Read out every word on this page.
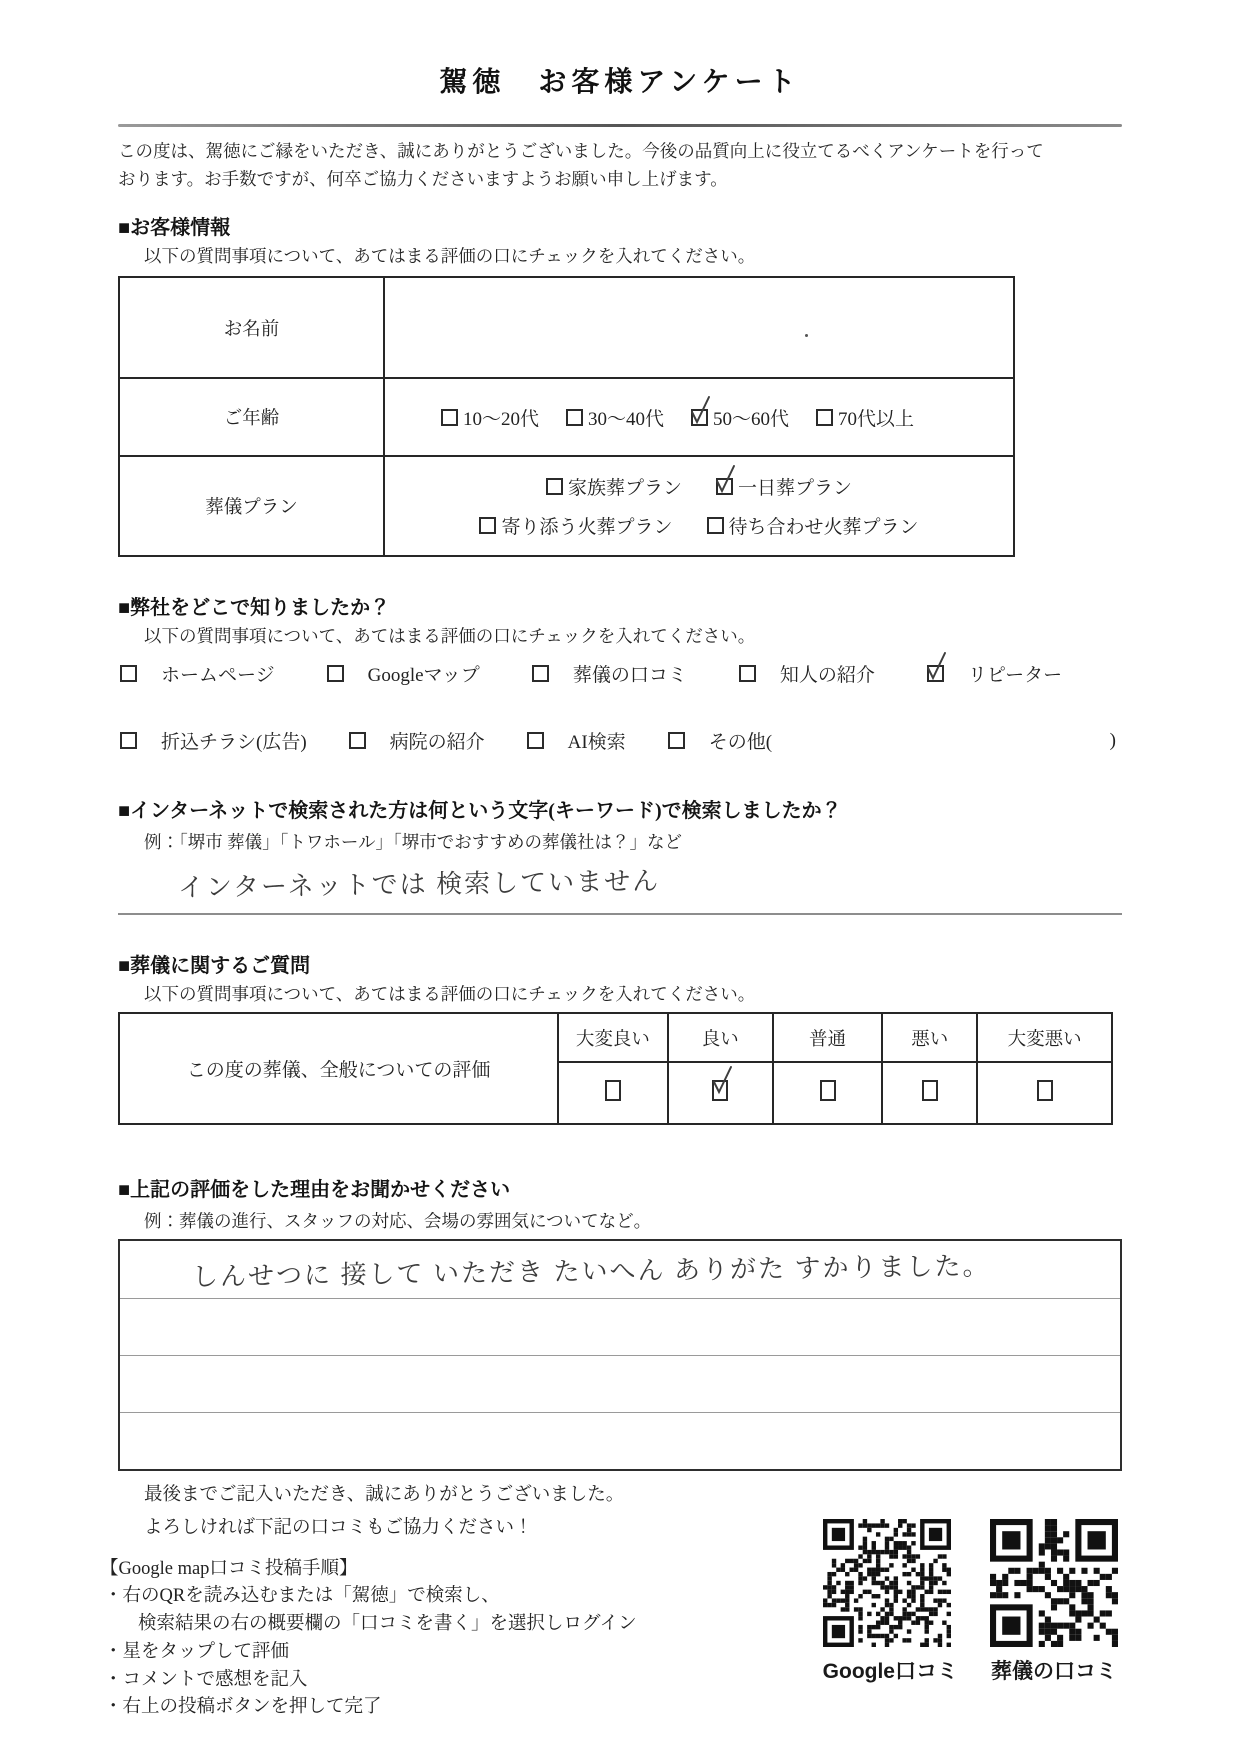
駕徳　お客様アンケート
この度は、駕徳にご縁をいただき、誠にありがとうございました。今後の品質向上に役立てるべくアンケートを行って
おります。お手数ですが、何卒ご協力くださいますようお願い申し上げます。
■お客様情報
以下の質問事項について、あてはまる評価の口にチェックを入れてください。
お名前	

ご年齢	10～20代 30～40代 50～60代 70代以上

葬儀プラン	家族葬プラン 一日葬プラン
寄り添う火葬プラン 待ち合わせ火葬プラン
■弊社をどこで知りましたか？
以下の質問事項について、あてはまる評価の口にチェックを入れてください。
ホームページ	Googleマップ	葬儀の口コミ	知人の紹介	リピーター
折込チラシ(広告)	病院の紹介	AI検索	その他(	)
■インターネットで検索された方は何という文字(キーワード)で検索しましたか？
例：「堺市 葬儀」「トワホール」「堺市でおすすめの葬儀社は？」など
インターネットでは 検索していません
■葬儀に関するご質問
以下の質問事項について、あてはまる評価の口にチェックを入れてください。
この度の葬儀、全般についての評価	大変良い	良い	普通	悪い	大変悪い

■上記の評価をした理由をお聞かせください
例：葬儀の進行、スタッフの対応、会場の雰囲気についてなど。
しんせつに 接して いただき たいへん ありがた すかりました。
最後までご記入いただき、誠にありがとうございました。
よろしければ下記の口コミもご協力ください！
【Google map口コミ投稿手順】
・右のQRを読み込むまたは「駕徳」で検索し、
検索結果の右の概要欄の「口コミを書く」を選択しログイン
・星をタップして評価
・コメントで感想を記入
・右上の投稿ボタンを押して完了
Google口コミ 葬儀の口コミ
